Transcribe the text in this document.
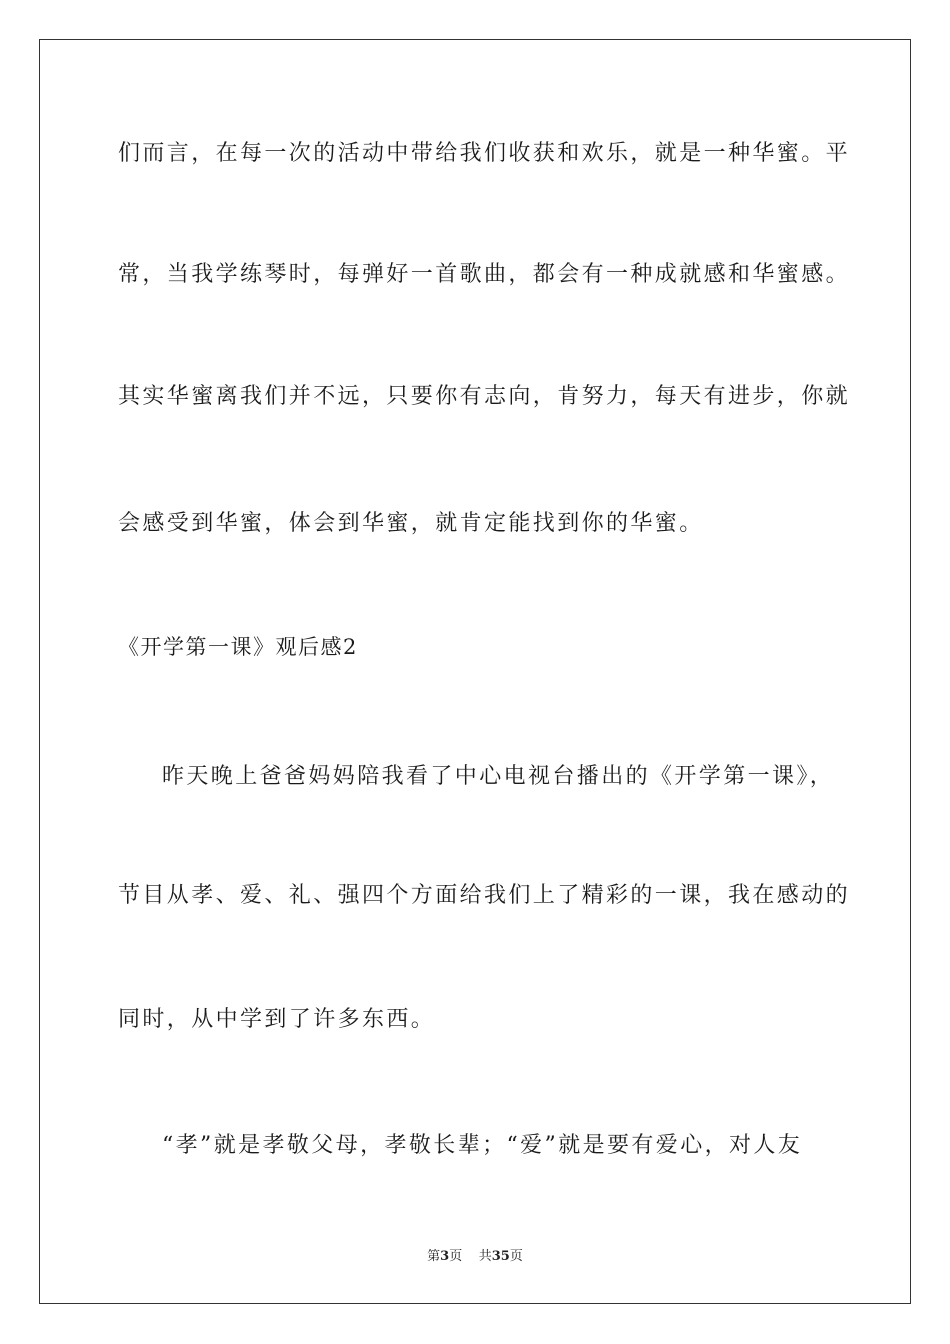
们而言，在每一次的活动中带给我们收获和欢乐，就是一种华蜜。平
常，当我学练琴时，每弹好一首歌曲，都会有一种成就感和华蜜感。
其实华蜜离我们并不远，只要你有志向，肯努力，每天有进步，你就
会感受到华蜜，体会到华蜜，就肯定能找到你的华蜜。
《开学第一课》观后感2
昨天晚上爸爸妈妈陪我看了中心电视台播出的《开学第一课》，
节目从孝、爱、礼、强四个方面给我们上了精彩的一课，我在感动的
同时，从中学到了许多东西。
“孝”就是孝敬父母，孝敬长辈；“爱”就是要有爱心，对人友
第3页 共35页
